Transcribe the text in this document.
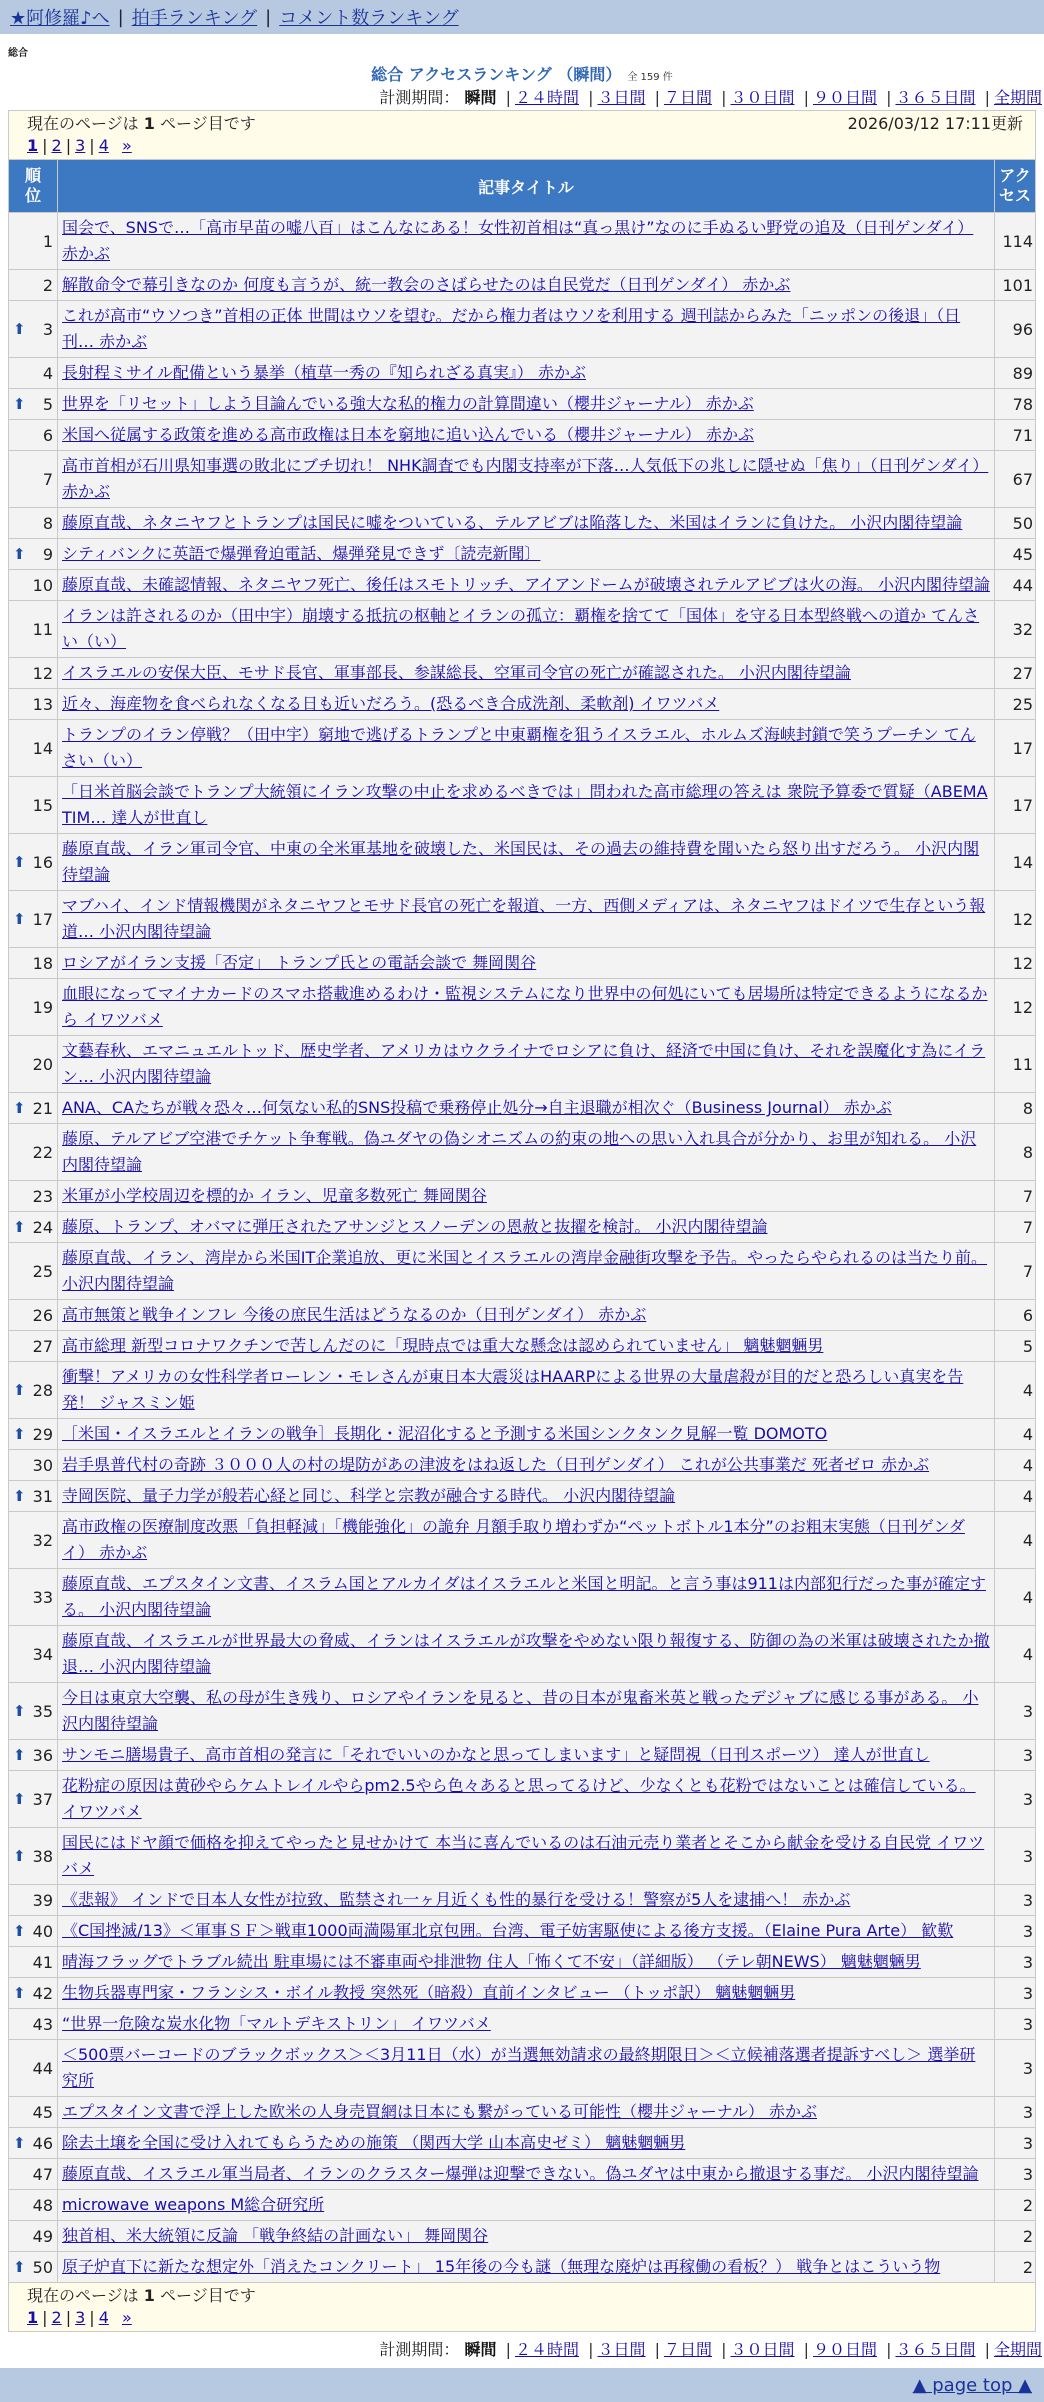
★阿修羅♪へ | 拍手ランキング | コメント数ランキング
総合
総合 アクセスランキング （瞬間） 全 159 件
計測期間： 瞬間 | ２４時間 | ３日間 | ７日間 | ３０日間 | ９０日間 | ３６５日間 | 全期間
現在のページは 1 ページ目です	2026/03/12 17:11更新
1 | 2 | 3 | 4 »
順位	記事タイトル	アクセス
1	国会で、SNSで…「高市早苗の嘘八百」はこんなにある！女性初首相は“真っ黒け”なのに手ぬるい野党の追及（日刊ゲンダイ） 赤かぶ	114
2	解散命令で幕引きなのか 何度も言うが、統一教会のさばらせたのは自民党だ（日刊ゲンダイ） 赤かぶ	101

⬆ 3	これが高市“ウソつき”首相の正体 世間はウソを望む。だから権力者はウソを利用する 週刊誌からみた「ニッポンの後退」（日刊… 赤かぶ	96
4	長射程ミサイル配備という暴挙（植草一秀の『知られざる真実』） 赤かぶ	89

⬆ 5	世界を「リセット」しよう目論んでいる強大な私的権力の計算間違い（櫻井ジャーナル） 赤かぶ	78
6	米国へ従属する政策を進める高市政権は日本を窮地に追い込んでいる（櫻井ジャーナル） 赤かぶ	71
7	高市首相が石川県知事選の敗北にブチ切れ！ NHK調査でも内閣支持率が下落…人気低下の兆しに隠せぬ「焦り」（日刊ゲンダイ） 赤かぶ	67
8	藤原直哉、ネタニヤフとトランプは国民に嘘をついている、テルアビブは陥落した、米国はイランに負けた。 小沢内閣待望論	50

⬆ 9	シティバンクに英語で爆弾脅迫電話、爆弾発見できず〔読売新聞〕	45
10	藤原直哉、未確認情報、ネタニヤフ死亡、後任はスモトリッチ、アイアンドームが破壊されテルアビブは火の海。 小沢内閣待望論	44
11	イランは許されるのか（田中宇）崩壊する抵抗の枢軸とイランの孤立：覇権を捨てて「国体」を守る日本型終戦への道か てんさい（い）	32
12	イスラエルの安保大臣、モサド長官、軍事部長、参謀総長、空軍司令官の死亡が確認された。 小沢内閣待望論	27
13	近々、海産物を食べられなくなる日も近いだろう。(恐るべき合成洗剤、柔軟剤) イワツバメ	25
14	トランプのイラン停戦？（田中宇）窮地で逃げるトランプと中東覇権を狙うイスラエル、ホルムズ海峡封鎖で笑うプーチン てんさい（い）	17
15	「日米首脳会談でトランプ大統領にイラン攻撃の中止を求めるべきでは」問われた高市総理の答えは 衆院予算委で質疑（ABEMA TIM… 達人が世直し	17

⬆ 16	藤原直哉、イラン軍司令官、中東の全米軍基地を破壊した、米国民は、その過去の維持費を聞いたら怒り出すだろう。 小沢内閣待望論	14

⬆ 17	マブハイ、インド情報機関がネタニヤフとモサド長官の死亡を報道、一方、西側メディアは、ネタニヤフはドイツで生存という報道… 小沢内閣待望論	12
18	ロシアがイラン支援「否定」 トランプ氏との電話会談で 舞岡関谷	12
19	血眼になってマイナカードのスマホ搭載進めるわけ・監視システムになり世界中の何処にいても居場所は特定できるようになるから イワツバメ	12
20	文藝春秋、エマニュエルトッド、歴史学者、アメリカはウクライナでロシアに負け、経済で中国に負け、それを誤魔化す為にイラン… 小沢内閣待望論	11

⬆ 21	ANA、CAたちが戦々恐々…何気ない私的SNS投稿で乗務停止処分→自主退職が相次ぐ（Business Journal） 赤かぶ	8
22	藤原、テルアビブ空港でチケット争奪戦。偽ユダヤの偽シオニズムの約束の地への思い入れ具合が分かり、お里が知れる。 小沢内閣待望論	8
23	米軍が小学校周辺を標的か イラン、児童多数死亡 舞岡関谷	7

⬆ 24	藤原、トランプ、オバマに弾圧されたアサンジとスノーデンの恩赦と抜擢を検討。 小沢内閣待望論	7
25	藤原直哉、イラン、湾岸から米国IT企業追放、更に米国とイスラエルの湾岸金融街攻撃を予告。やったらやられるのは当たり前。 小沢内閣待望論	7
26	高市無策と戦争インフレ 今後の庶民生活はどうなるのか（日刊ゲンダイ） 赤かぶ	6
27	高市総理 新型コロナワクチンで苦しんだのに「現時点では重大な懸念は認められていません」 魑魅魍魎男	5

⬆ 28	衝撃！アメリカの女性科学者ローレン・モレさんが東日本大震災はHAARPによる世界の大量虐殺が目的だと恐ろしい真実を告発！ ジャスミン姫	4

⬆ 29	［米国・イスラエルとイランの戦争］長期化・泥沼化すると予測する米国シンクタンク見解一覧 DOMOTO	4
30	岩手県普代村の奇跡 ３０００人の村の堤防があの津波をはね返した（日刊ゲンダイ） これが公共事業だ 死者ゼロ 赤かぶ	4

⬆ 31	寺岡医院、量子力学が般若心経と同じ、科学と宗教が融合する時代。 小沢内閣待望論	4
32	高市政権の医療制度改悪「負担軽減」「機能強化」の詭弁 月額手取り増わずか“ペットボトル1本分”のお粗末実態（日刊ゲンダイ） 赤かぶ	4
33	藤原直哉、エプスタイン文書、イスラム国とアルカイダはイスラエルと米国と明記。と言う事は911は内部犯行だった事が確定する。 小沢内閣待望論	4
34	藤原直哉、イスラエルが世界最大の脅威、イランはイスラエルが攻撃をやめない限り報復する、防御の為の米軍は破壊されたか撤退… 小沢内閣待望論	4

⬆ 35	今日は東京大空襲、私の母が生き残り、ロシアやイランを見ると、昔の日本が鬼畜米英と戦ったデジャブに感じる事がある。 小沢内閣待望論	3

⬆ 36	サンモニ膳場貴子、高市首相の発言に「それでいいのかなと思ってしまいます」と疑問視（日刊スポーツ） 達人が世直し	3

⬆ 37	花粉症の原因は黄砂やらケムトレイルやらpm2.5やら色々あると思ってるけど、少なくとも花粉ではないことは確信している。 イワツバメ	3

⬆ 38	国民にはドヤ顔で価格を抑えてやったと見せかけて 本当に喜んでいるのは石油元売り業者とそこから献金を受ける自民党 イワツバメ	3
39	《悲報》 インドで日本人女性が拉致、監禁され一ヶ月近くも性的暴行を受ける！警察が5人を逮捕へ！ 赤かぶ	3

⬆ 40	《C国挫滅/13》＜軍事ＳＦ＞戦車1000両満陽軍北京包囲。台湾、電子妨害駆使による後方支援。（Elaine Pura Arte） 歓歎	3
41	晴海フラッグでトラブル続出 駐車場には不審車両や排泄物 住人「怖くて不安」（詳細版） （テレ朝NEWS） 魑魅魍魎男	3

⬆ 42	生物兵器専門家・フランシス・ボイル教授 突然死（暗殺）直前インタビュー （トッポ訳） 魑魅魍魎男	3
43	“世界一危険な炭水化物「マルトデキストリン」 イワツバメ	3
44	＜500票バーコードのブラックボックス＞＜3月11日（水）が当選無効請求の最終期限日＞＜立候補落選者提訴すべし＞ 選挙研究所	3
45	エプスタイン文書で浮上した欧米の人身売買網は日本にも繋がっている可能性（櫻井ジャーナル） 赤かぶ	3

⬆ 46	除去土壌を全国に受け入れてもらうための施策 （関西大学 山本高史ゼミ） 魑魅魍魎男	3
47	藤原直哉、イスラエル軍当局者、イランのクラスター爆弾は迎撃できない。偽ユダヤは中東から撤退する事だ。 小沢内閣待望論	3
48	microwave weapons M総合研究所	2
49	独首相、米大統領に反論 「戦争終結の計画ない」 舞岡関谷	2

⬆ 50	原子炉直下に新たな想定外「消えたコンクリート」 15年後の今も謎（無理な廃炉は再稼働の看板？） 戦争とはこういう物	2
現在のページは 1 ページ目です
1 | 2 | 3 | 4 »
計測期間： 瞬間 | ２４時間 | ３日間 | ７日間 | ３０日間 | ９０日間 | ３６５日間 | 全期間
▲ page top ▲
